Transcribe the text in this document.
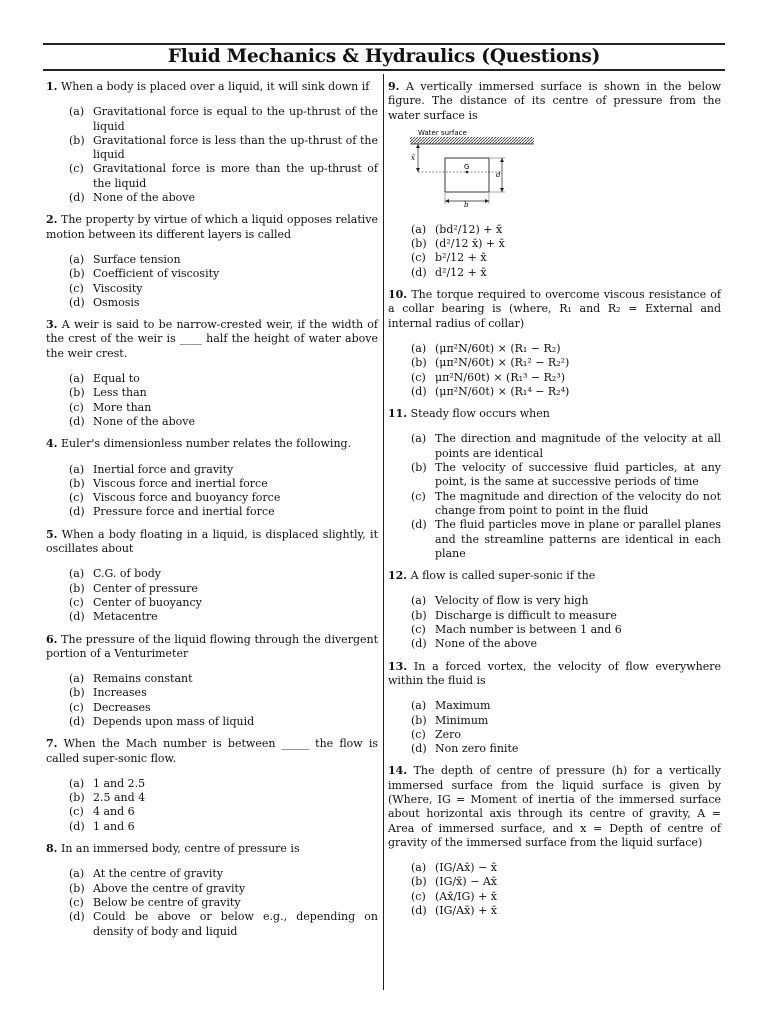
Fluid Mechanics & Hydraulics (Questions)
1. When a body is placed over a liquid, it will sink down if
(a) Gravitational force is equal to the up-thrust of the liquid
(b) Gravitational force is less than the up-thrust of the liquid
(c) Gravitational force is more than the up-thrust of the liquid
(d) None of the above
2. The property by virtue of which a liquid opposes relative motion between its different layers is called
(a) Surface tension
(b) Coefficient of viscosity
(c) Viscosity
(d) Osmosis
3. A weir is said to be narrow-crested weir, if the width of the crest of the weir is ____ half the height of water above the weir crest.
(a) Equal to
(b) Less than
(c) More than
(d) None of the above
4. Euler's dimensionless number relates the following.
(a) Inertial force and gravity
(b) Viscous force and inertial force
(c) Viscous force and buoyancy force
(d) Pressure force and inertial force
5. When a body floating in a liquid, is displaced slightly, it oscillates about
(a) C.G. of body
(b) Center of pressure
(c) Center of buoyancy
(d) Metacentre
6. The pressure of the liquid flowing through the divergent portion of a Venturimeter
(a) Remains constant
(b) Increases
(c) Decreases
(d) Depends upon mass of liquid
7. When the Mach number is between _____ the flow is called super-sonic flow.
(a) 1 and 2.5
(b) 2.5 and 4
(c) 4 and 6
(d) 1 and 6
8. In an immersed body, centre of pressure is
(a) At the centre of gravity
(b) Above the centre of gravity
(c) Below be centre of gravity
(d) Could be above or below e.g., depending on density of body and liquid
9. A vertically immersed surface is shown in the below figure. The distance of its centre of pressure from the water surface is
Water surface
x̄
G
d
b
(a) (bd²/12) + x̄
(b) (d²/12 x̄) + x̄
(c) b²/12 + x̄
(d) d²/12 + x̄
10. The torque required to overcome viscous resistance of a collar bearing is (where, R₁ and R₂ = External and internal radius of collar)
(a) (μπ²N/60t) × (R₁ − R₂)
(b) (μπ²N/60t) × (R₁² − R₂²)
(c) μπ²N/60t) × (R₁³ − R₂³)
(d) (μπ²N/60t) × (R₁⁴ − R₂⁴)
11. Steady flow occurs when
(a) The direction and magnitude of the velocity at all points are identical
(b) The velocity of successive fluid particles, at any point, is the same at successive periods of time
(c) The magnitude and direction of the velocity do not change from point to point in the fluid
(d) The fluid particles move in plane or parallel planes and the streamline patterns are identical in each plane
12. A flow is called super-sonic if the
(a) Velocity of flow is very high
(b) Discharge is difficult to measure
(c) Mach number is between 1 and 6
(d) None of the above
13. In a forced vortex, the velocity of flow everywhere within the fluid is
(a) Maximum
(b) Minimum
(c) Zero
(d) Non zero finite
14. The depth of centre of pressure (h) for a vertically immersed surface from the liquid surface is given by (Where, IG = Moment of inertia of the immersed surface about horizontal axis through its centre of gravity, A = Area of immersed surface, and x = Depth of centre of gravity of the immersed surface from the liquid surface)
(a) (IG/Ax̄) − x̄
(b) (IG/x̄) − Ax̄
(c) (Ax̄/IG) + x̄
(d) (IG/Ax̄) + x̄
